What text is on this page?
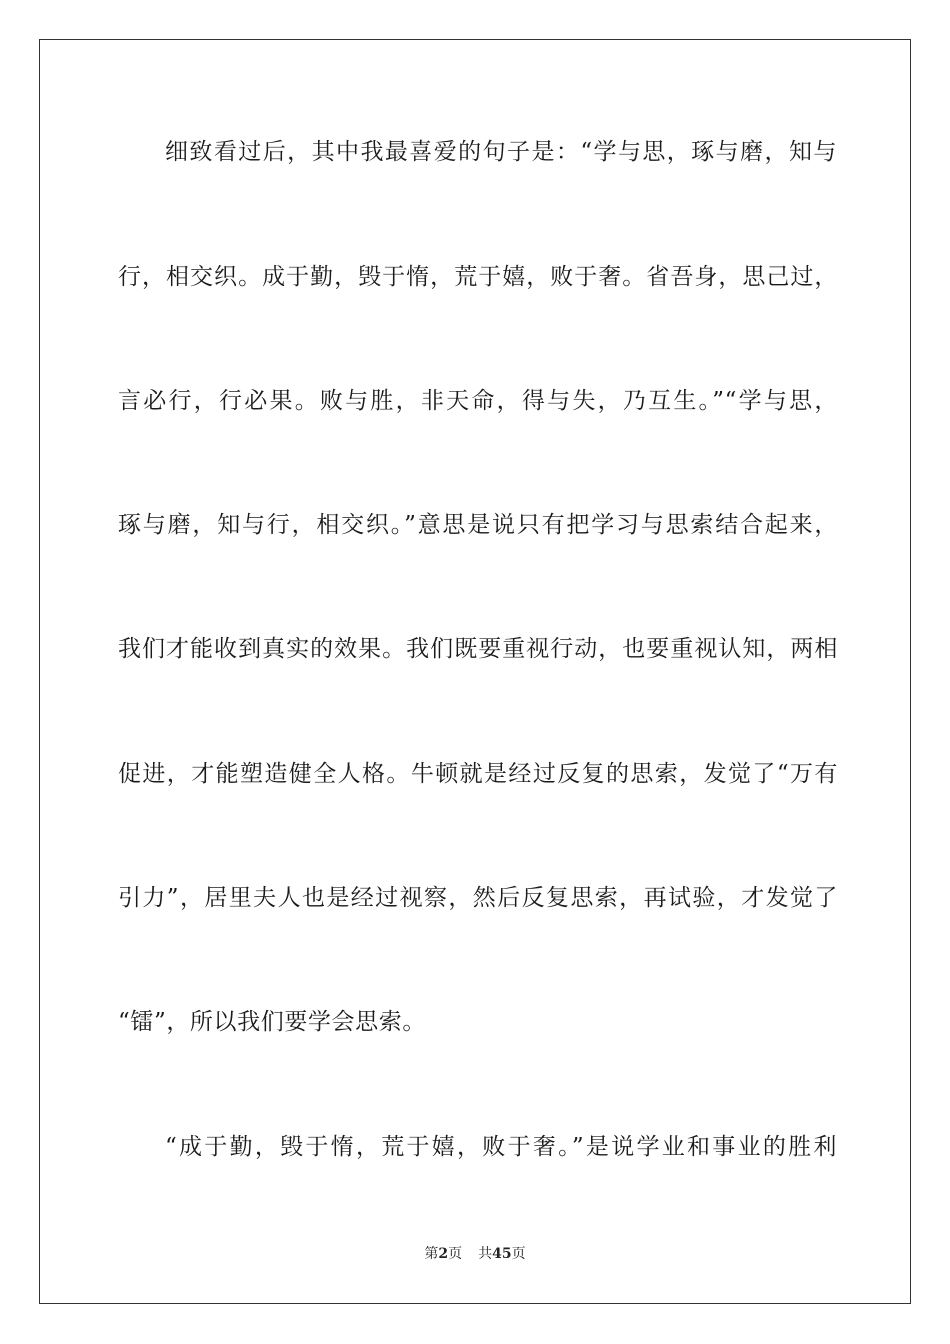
细致看过后，其中我最喜爱的句子是：“学与思，琢与磨，知与
行，相交织。成于勤，毁于惰，荒于嬉，败于奢。省吾身，思己过，
言必行，行必果。败与胜，非天命，得与失，乃互生。”“学与思，
琢与磨，知与行，相交织。”意思是说只有把学习与思索结合起来，
我们才能收到真实的效果。我们既要重视行动，也要重视认知，两相
促进，才能塑造健全人格。牛顿就是经过反复的思索，发觉了“万有
引力”，居里夫人也是经过视察，然后反复思索，再试验，才发觉了
“镭”，所以我们要学会思索。
“成于勤，毁于惰，荒于嬉，败于奢。”是说学业和事业的胜利
第2页 共45页
